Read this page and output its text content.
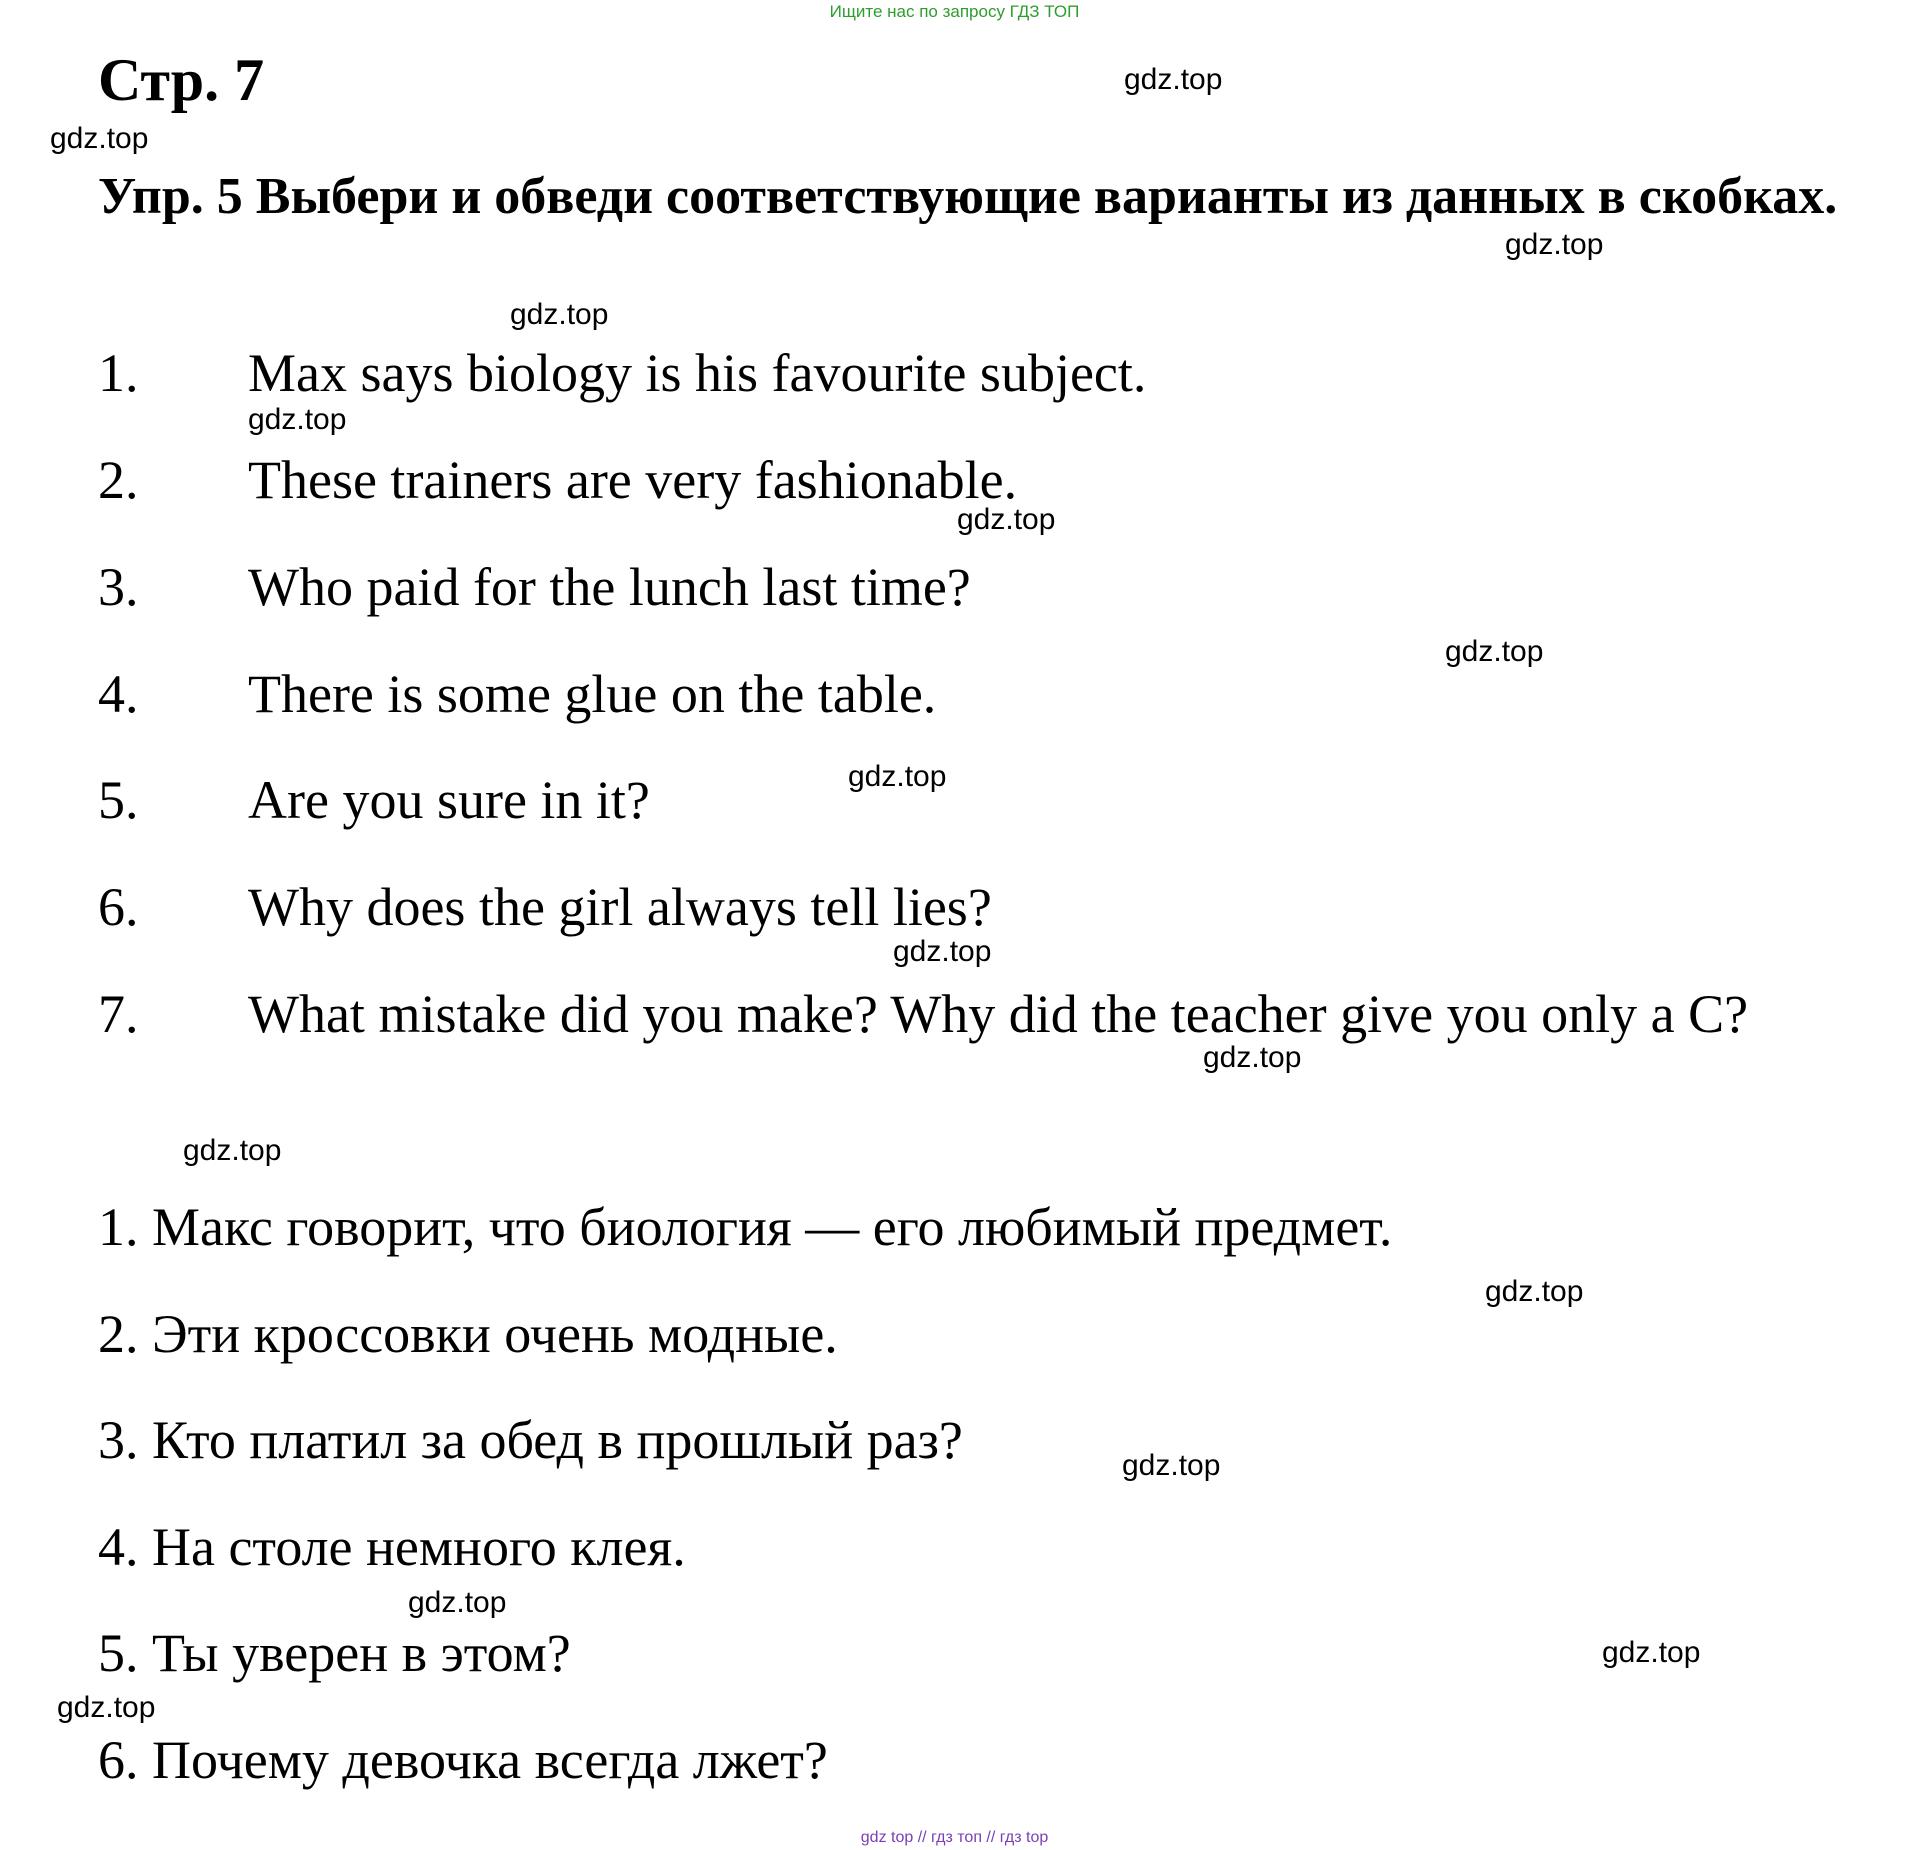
Ищите нас по запросу ГДЗ ТОП
Стр. 7
Упр. 5 Выбери и обведи соответствующие варианты из данных в скобках.
1. Max says biology is his favourite subject.
2. These trainers are very fashionable.
3. Who paid for the lunch last time?
4. There is some glue on the table.
5. Are you sure in it?
6. Why does the girl always tell lies?
7. What mistake did you make? Why did the teacher give you only a C?
1. Макс говорит, что биология — его любимый предмет.
2. Эти кроссовки очень модные.
3. Кто платил за обед в прошлый раз?
4. На столе немного клея.
5. Ты уверен в этом?
6. Почему девочка всегда лжет?
gdz.top
gdz.top
gdz.top
gdz.top
gdz.top
gdz.top
gdz.top
gdz.top
gdz.top
gdz.top
gdz.top
gdz.top
gdz.top
gdz.top
gdz.top
gdz.top
gdz top // гдз топ // гдз top
